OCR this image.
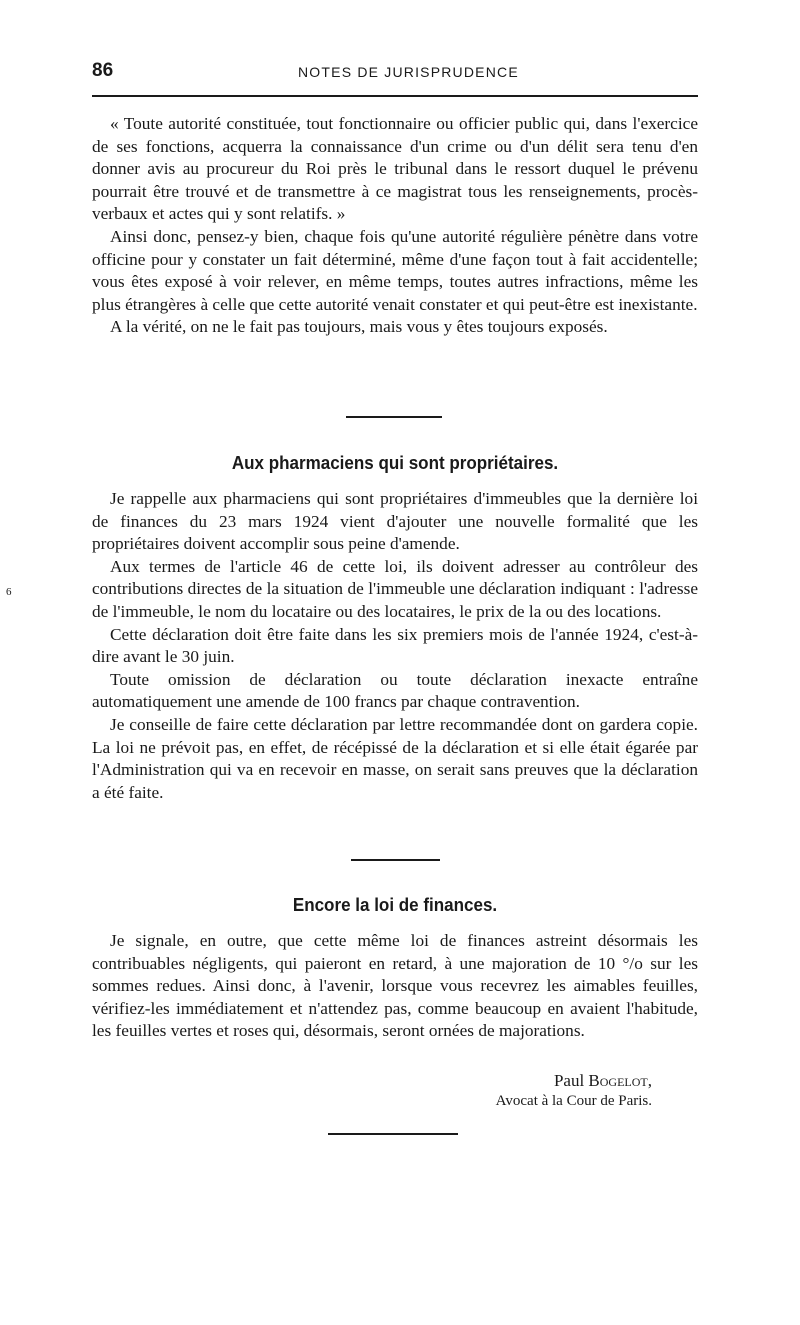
6
86	NOTES DE JURISPRUDENCE

« Toute autorité constituée, tout fonctionnaire ou officier public qui, dans l'exercice de ses fonctions, acquerra la connaissance d'un crime ou d'un délit sera tenu d'en donner avis au procureur du Roi près le tribunal dans le ressort duquel le prévenu pourrait être trouvé et de transmettre à ce magistrat tous les renseignements, procès-verbaux et actes qui y sont relatifs. »

Ainsi donc, pensez-y bien, chaque fois qu'une autorité régulière pénètre dans votre officine pour y constater un fait déterminé, même d'une façon tout à fait accidentelle; vous êtes exposé à voir relever, en même temps, toutes autres infractions, même les plus étrangères à celle que cette autorité venait constater et qui peut-être est inexistante.

A la vérité, on ne le fait pas toujours, mais vous y êtes toujours exposés.

Aux pharmaciens qui sont propriétaires.

Je rappelle aux pharmaciens qui sont propriétaires d'immeubles que la dernière loi de finances du 23 mars 1924 vient d'ajouter une nouvelle formalité que les propriétaires doivent accomplir sous peine d'amende.

Aux termes de l'article 46 de cette loi, ils doivent adresser au contrôleur des contributions directes de la situation de l'immeuble une déclaration indiquant : l'adresse de l'immeuble, le nom du locataire ou des locataires, le prix de la ou des locations.

Cette déclaration doit être faite dans les six premiers mois de l'année 1924, c'est-à-dire avant le 30 juin.

Toute omission de déclaration ou toute déclaration inexacte entraîne automatiquement une amende de 100 francs par chaque contravention.

Je conseille de faire cette déclaration par lettre recommandée dont on gardera copie. La loi ne prévoit pas, en effet, de récépissé de la déclaration et si elle était égarée par l'Administration qui va en recevoir en masse, on serait sans preuves que la déclaration a été faite.

Encore la loi de finances.

Je signale, en outre, que cette même loi de finances astreint désormais les contribuables négligents, qui paieront en retard, à une majoration de 10 °/o sur les sommes redues. Ainsi donc, à l'avenir, lorsque vous recevrez les aimables feuilles, vérifiez-les immédiatement et n'attendez pas, comme beaucoup en avaient l'habitude, les feuilles vertes et roses qui, désormais, seront ornées de majorations.

Paul Bogelot,
Avocat à la Cour de Paris.
